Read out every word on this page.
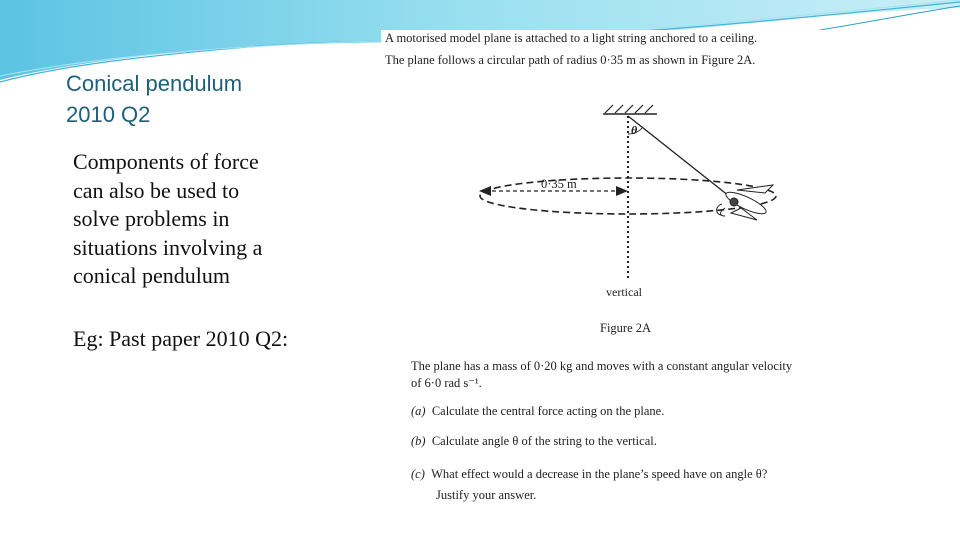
Conical pendulum
2010 Q2

Components of force

can also be used to

solve problems in

situations involving a

conical pendulum

Eg: Past paper 2010 Q2:

θ
0·35 m
vertical
Figure 2A
A motorised model plane is attached to a light string anchored to a ceiling.
The plane follows a circular path of radius 0·35 m as shown in Figure 2A.
The plane has a mass of 0·20 kg and moves with a constant angular velocity
of 6·0 rad s⁻¹.
(a) Calculate the central force acting on the plane.
(b) Calculate angle θ of the string to the vertical.
(c) What effect would a decrease in the plane’s speed have on angle θ?
Justify your answer.
